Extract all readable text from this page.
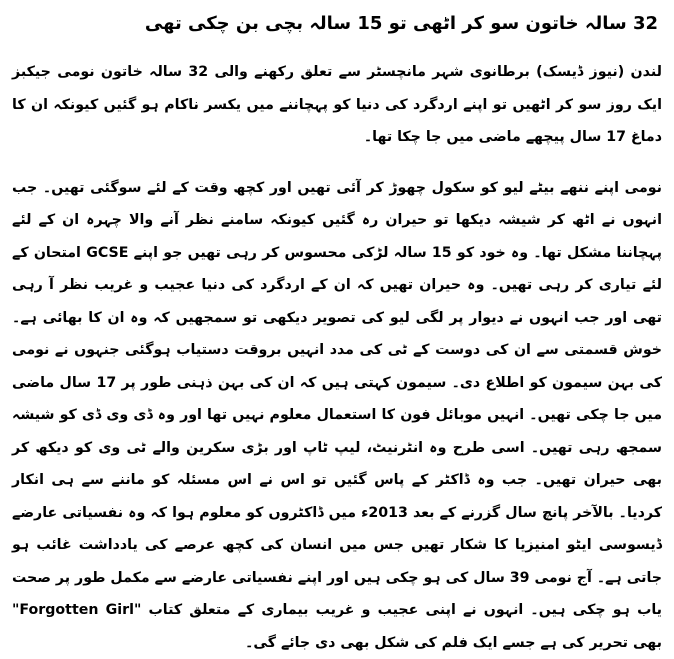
32 سالہ خاتون سو کر اٹھی تو 15 سالہ بچی بن چکی تھی

لندن (نیوز ڈیسک) برطانوی شہر مانچسٹر سے تعلق رکھنے والی 32 سالہ خاتون نومی جیکبز ایک روز سو کر اٹھیں تو اپنے اردگرد کی دنیا کو پہچاننے میں یکسر ناکام ہو گئیں کیونکہ ان کا دماغ 17 سال پیچھے ماضی میں جا چکا تھا۔

نومی اپنے ننھے بیٹے لیو کو سکول چھوڑ کر آئی تھیں اور کچھ وقت کے لئے سوگئی تھیں۔ جب انہوں نے اٹھ کر شیشہ دیکھا تو حیران رہ گئیں کیونکہ سامنے نظر آنے والا چہرہ ان کے لئے پہچاننا مشکل تھا۔ وہ خود کو 15 سالہ لڑکی محسوس کر رہی تھیں جو اپنے GCSE امتحان کے لئے تیاری کر رہی تھیں۔ وہ حیران تھیں کہ ان کے اردگرد کی دنیا عجیب و غریب نظر آ رہی تھی اور جب انہوں نے دیوار پر لگی لیو کی تصویر دیکھی تو سمجھیں کہ وہ ان کا بھائی ہے۔ خوش قسمتی سے ان کی دوست کے ٹی کی مدد انہیں بروقت دستیاب ہوگئی جنہوں نے نومی کی بہن سیمون کو اطلاع دی۔ سیمون کہتی ہیں کہ ان کی بہن ذہنی طور پر 17 سال ماضی میں جا چکی تھیں۔ انہیں موبائل فون کا استعمال معلوم نہیں تھا اور وہ ڈی وی ڈی کو شیشہ سمجھ رہی تھیں۔ اسی طرح وہ انٹرنیٹ، لیپ ٹاپ اور بڑی سکرین والے ٹی وی کو دیکھ کر بھی حیران تھیں۔ جب وہ ڈاکٹر کے پاس گئیں تو اس نے اس مسئلہ کو ماننے سے ہی انکار کردیا۔ بالآخر پانچ سال گزرنے کے بعد 2013ء میں ڈاکٹروں کو معلوم ہوا کہ وہ نفسیاتی عارضے ڈیسوسی ایٹو امنیزیا کا شکار تھیں جس میں انسان کی کچھ عرصے کی یادداشت غائب ہو جاتی ہے۔ آج نومی 39 سال کی ہو چکی ہیں اور اپنے نفسیاتی عارضے سے مکمل طور پر صحت یاب ہو چکی ہیں۔ انہوں نے اپنی عجیب و غریب بیماری کے متعلق کتاب "Forgotten Girl" بھی تحریر کی ہے جسے ایک فلم کی شکل بھی دی جائے گی۔
